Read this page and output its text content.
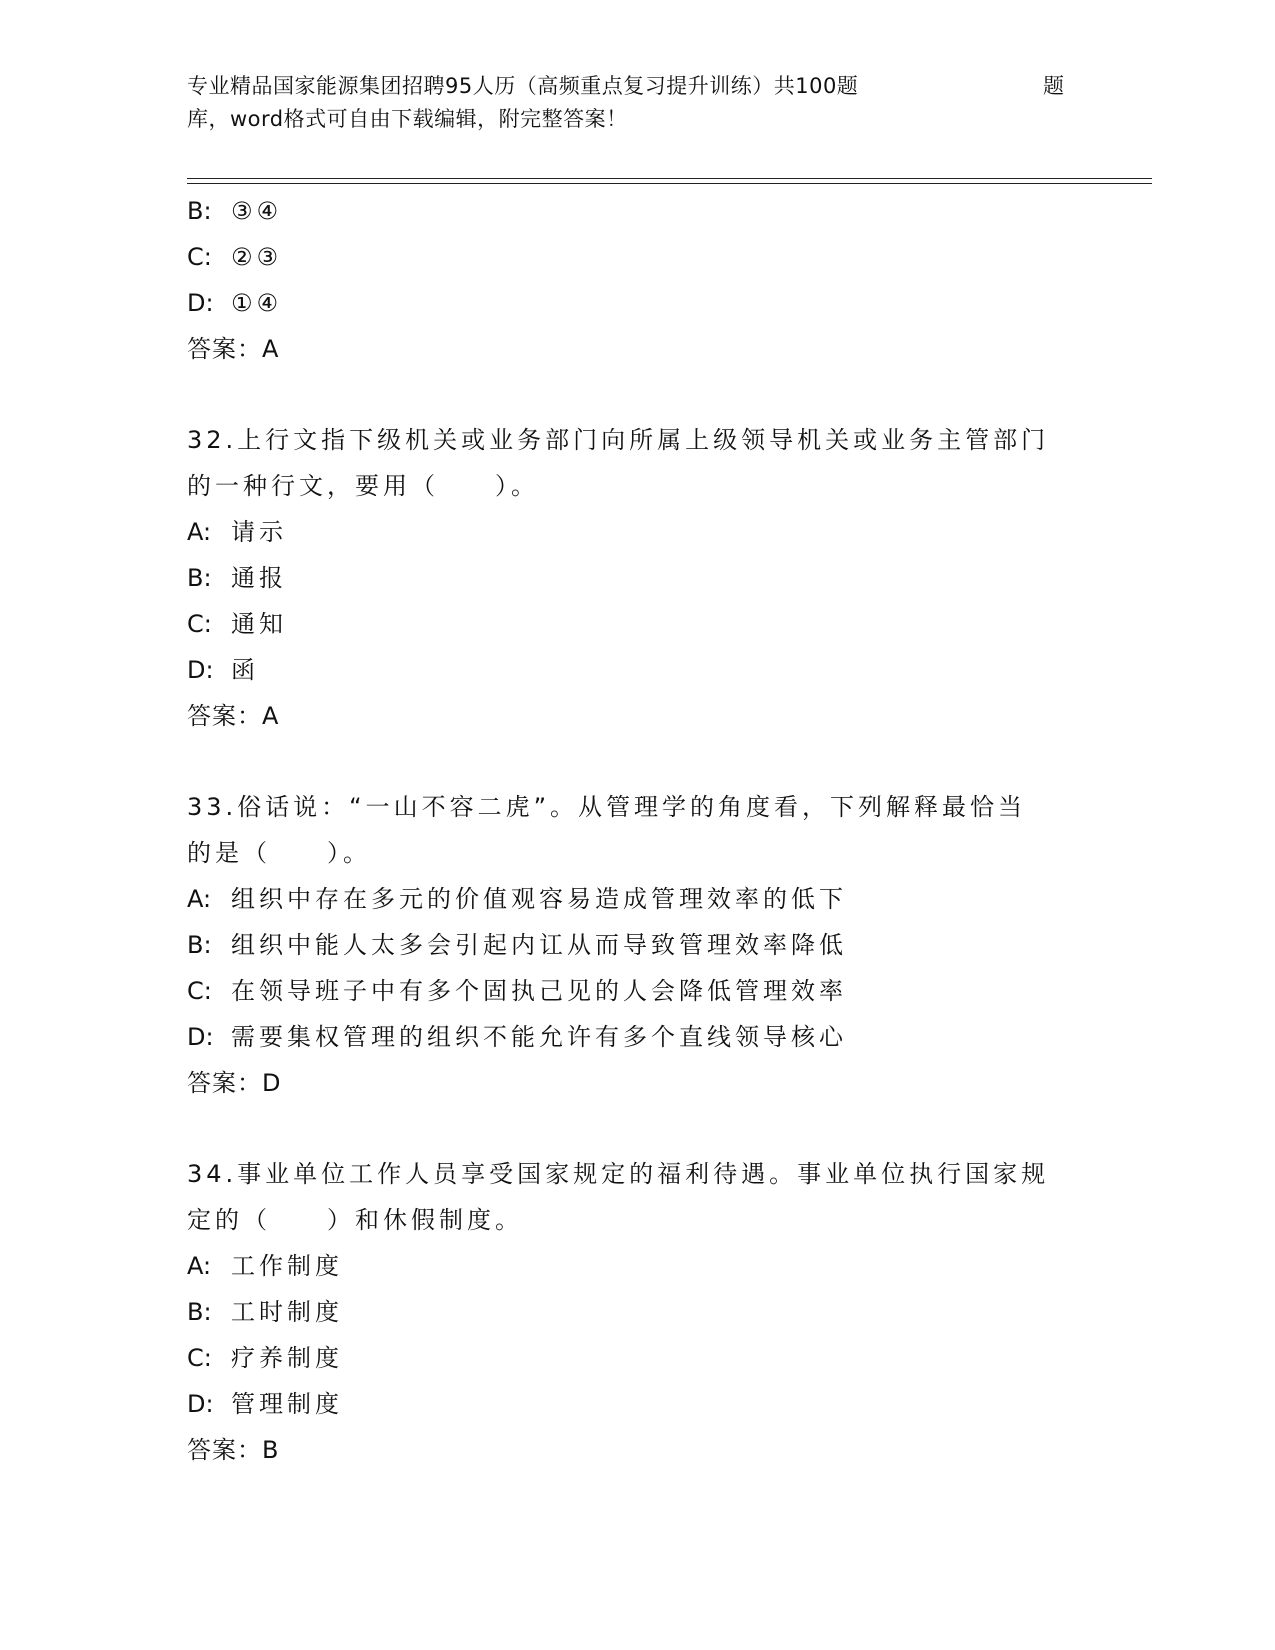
专业精品国家能源集团招聘95人历（高频重点复习提升训练）共100题	题
库，word格式可自由下载编辑，附完整答案！
B: ③④
C: ②③
D: ①④
答案：A
32.上行文指下级机关或业务部门向所属上级领导机关或业务主管部门
的一种行文，要用（　　）。
A: 请示
B: 通报
C: 通知
D: 函
答案：A
33.俗话说：“一山不容二虎”。从管理学的角度看，下列解释最恰当
的是（　　）。
A: 组织中存在多元的价值观容易造成管理效率的低下
B: 组织中能人太多会引起内讧从而导致管理效率降低
C: 在领导班子中有多个固执己见的人会降低管理效率
D: 需要集权管理的组织不能允许有多个直线领导核心
答案：D
34.事业单位工作人员享受国家规定的福利待遇。事业单位执行国家规
定的（　　）和休假制度。
A: 工作制度
B: 工时制度
C: 疗养制度
D: 管理制度
答案：B
